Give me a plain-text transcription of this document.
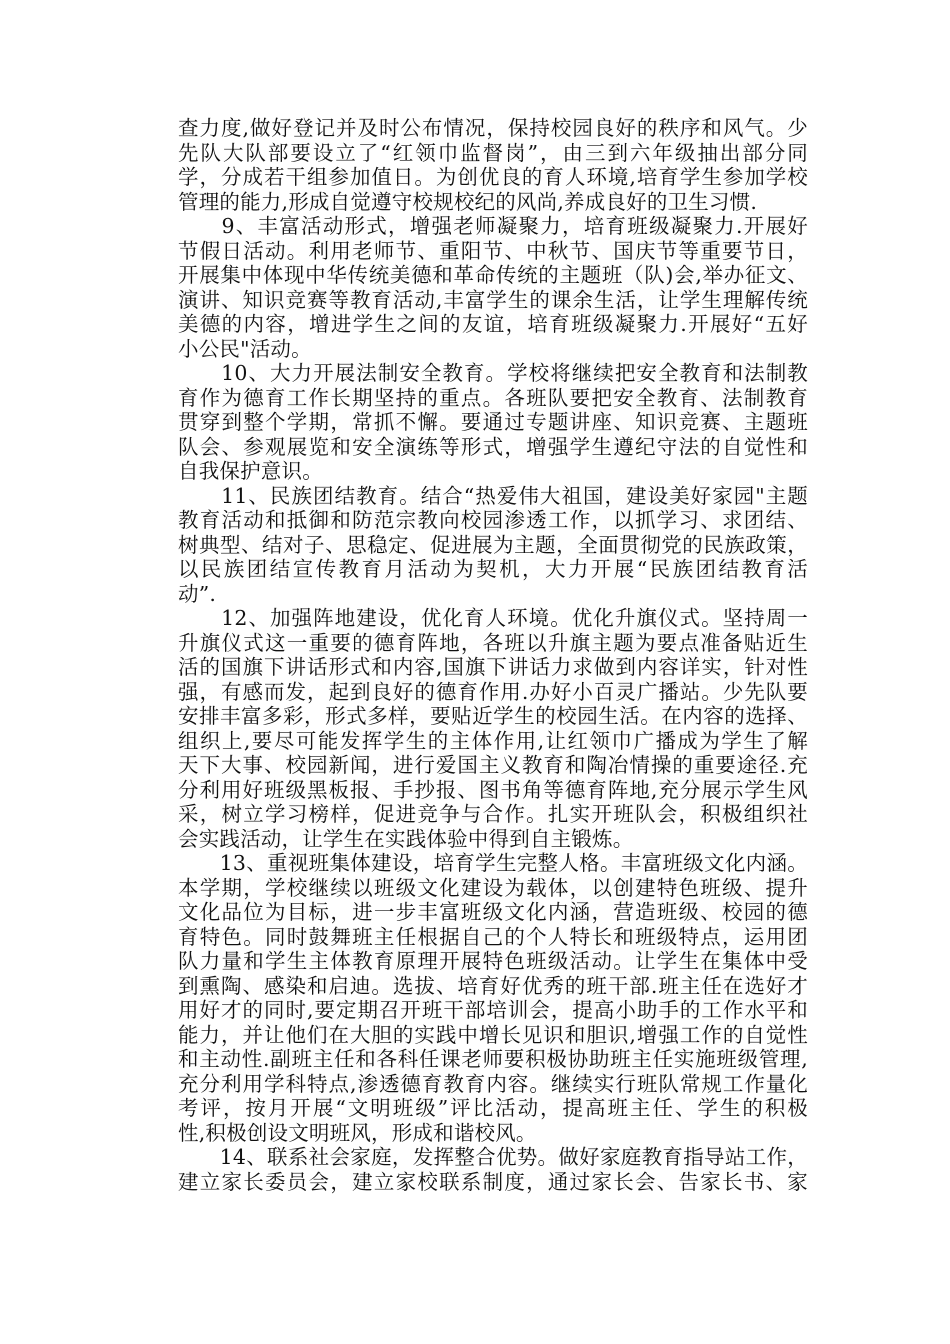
查力度,做好登记并及时公布情况，保持校园良好的秩序和风气。少
先队大队部要设立了“红领巾监督岗”，由三到六年级抽出部分同
学，分成若干组参加值日。为创优良的育人环境,培育学生参加学校
管理的能力,形成自觉遵守校规校纪的风尚,养成良好的卫生习惯.
　　9、丰富活动形式，增强老师凝聚力，培育班级凝聚力.开展好
节假日活动。利用老师节、重阳节、中秋节、国庆节等重要节日，
开展集中体现中华传统美德和革命传统的主题班（队)会,举办征文、
演讲、知识竞赛等教育活动,丰富学生的课余生活，让学生理解传统
美德的内容，增进学生之间的友谊，培育班级凝聚力.开展好“五好
小公民"活动。
　　10、大力开展法制安全教育。学校将继续把安全教育和法制教
育作为德育工作长期坚持的重点。各班队要把安全教育、法制教育
贯穿到整个学期，常抓不懈。要通过专题讲座、知识竞赛、主题班
队会、参观展览和安全演练等形式，增强学生遵纪守法的自觉性和
自我保护意识。
　　11、民族团结教育。结合“热爱伟大祖国，建设美好家园"主题
教育活动和抵御和防范宗教向校园渗透工作，以抓学习、求团结、
树典型、结对子、思稳定、促进展为主题，全面贯彻党的民族政策，
以民族团结宣传教育月活动为契机，大力开展“民族团结教育活
动”.
　　12、加强阵地建设，优化育人环境。优化升旗仪式。坚持周一
升旗仪式这一重要的德育阵地，各班以升旗主题为要点准备贴近生
活的国旗下讲话形式和内容,国旗下讲话力求做到内容详实，针对性
强，有感而发，起到良好的德育作用.办好小百灵广播站。少先队要
安排丰富多彩，形式多样，要贴近学生的校园生活。在内容的选择、
组织上,要尽可能发挥学生的主体作用,让红领巾广播成为学生了解
天下大事、校园新闻，进行爱国主义教育和陶冶情操的重要途径.充
分利用好班级黑板报、手抄报、图书角等德育阵地,充分展示学生风
采，树立学习榜样，促进竞争与合作。扎实开班队会，积极组织社
会实践活动，让学生在实践体验中得到自主锻炼。
　　13、重视班集体建设，培育学生完整人格。丰富班级文化内涵。
本学期，学校继续以班级文化建设为载体，以创建特色班级、提升
文化品位为目标，进一步丰富班级文化内涵，营造班级、校园的德
育特色。同时鼓舞班主任根据自己的个人特长和班级特点，运用团
队力量和学生主体教育原理开展特色班级活动。让学生在集体中受
到熏陶、感染和启迪。选拔、培育好优秀的班干部.班主任在选好才
用好才的同时,要定期召开班干部培训会，提高小助手的工作水平和
能力，并让他们在大胆的实践中增长见识和胆识,增强工作的自觉性
和主动性.副班主任和各科任课老师要积极协助班主任实施班级管理,
充分利用学科特点,渗透德育教育内容。继续实行班队常规工作量化
考评，按月开展“文明班级”评比活动，提高班主任、学生的积极
性,积极创设文明班风，形成和谐校风。
　　14、联系社会家庭，发挥整合优势。做好家庭教育指导站工作，
建立家长委员会，建立家校联系制度，通过家长会、告家长书、家
